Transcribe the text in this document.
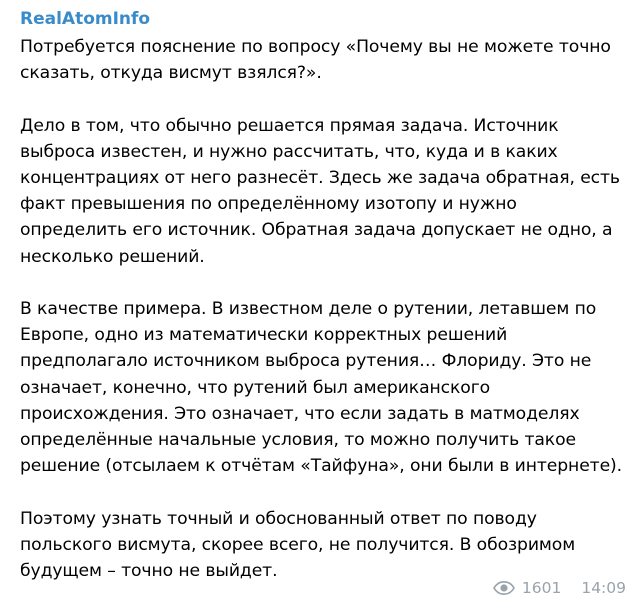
RealAtomInfo

Потребуется пояснение по вопросу «Почему вы не можете точно сказать, откуда висмут взялся?».

Дело в том, что обычно решается прямая задача. Источник выброса известен, и нужно рассчитать, что, куда и в каких концентрациях от него разнесёт. Здесь же задача обратная, есть факт превышения по определённому изотопу и нужно определить его источник. Обратная задача допускает не одно, а несколько решений.

В качестве примера. В известном деле о рутении, летавшем по Европе, одно из математически корректных решений предполагало источником выброса рутения… Флориду. Это не означает, конечно, что рутений был американского происхождения. Это означает, что если задать в матмоделях определённые начальные условия, то можно получить такое решение (отсылаем к отчётам «Тайфуна», они были в интернете).

Поэтому узнать точный и обоснованный ответ по поводу польского висмута, скорее всего, не получится. В обозримом будущем – точно не выйдет.

1601 14:09
